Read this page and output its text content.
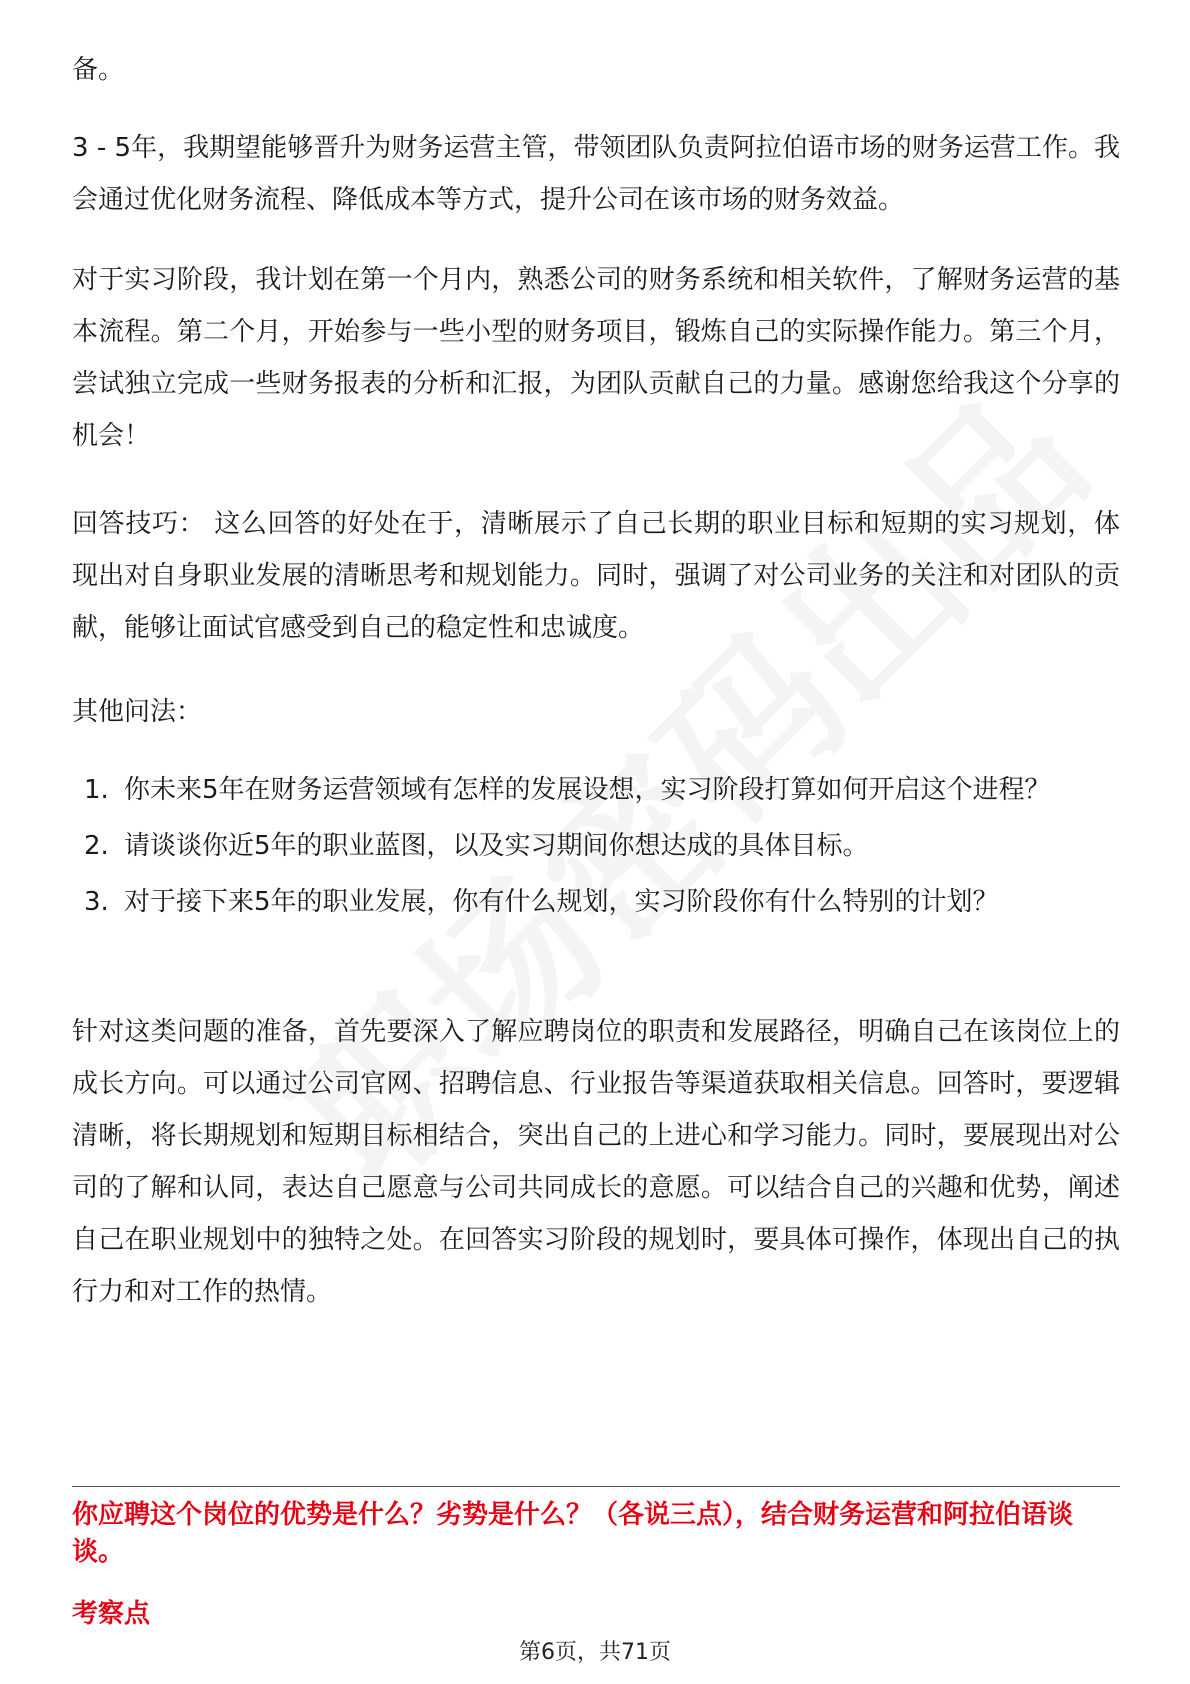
备。

3 - 5年，我期望能够晋升为财务运营主管，带领团队负责阿拉伯语市场的财务运营工作。我会通过优化财务流程、降低成本等方式，提升公司在该市场的财务效益。

对于实习阶段，我计划在第一个月内，熟悉公司的财务系统和相关软件，了解财务运营的基本流程。第二个月，开始参与一些小型的财务项目，锻炼自己的实际操作能力。第三个月，尝试独立完成一些财务报表的分析和汇报，为团队贡献自己的力量。感谢您给我这个分享的机会！

回答技巧： 这么回答的好处在于，清晰展示了自己长期的职业目标和短期的实习规划，体现出对自身职业发展的清晰思考和规划能力。同时，强调了对公司业务的关注和对团队的贡献，能够让面试官感受到自己的稳定性和忠诚度。

其他问法：

1. 你未来5年在财务运营领域有怎样的发展设想，实习阶段打算如何开启这个进程？
2. 请谈谈你近5年的职业蓝图，以及实习期间你想达成的具体目标。
3. 对于接下来5年的职业发展，你有什么规划，实习阶段你有什么特别的计划？

针对这类问题的准备，首先要深入了解应聘岗位的职责和发展路径，明确自己在该岗位上的成长方向。可以通过公司官网、招聘信息、行业报告等渠道获取相关信息。回答时，要逻辑清晰，将长期规划和短期目标相结合，突出自己的上进心和学习能力。同时，要展现出对公司的了解和认同，表达自己愿意与公司共同成长的意愿。可以结合自己的兴趣和优势，阐述自己在职业规划中的独特之处。在回答实习阶段的规划时，要具体可操作，体现出自己的执行力和对工作的热情。

你应聘这个岗位的优势是什么？劣势是什么？（各说三点），结合财务运营和阿拉伯语谈谈。

考察点

第6页，共71页
